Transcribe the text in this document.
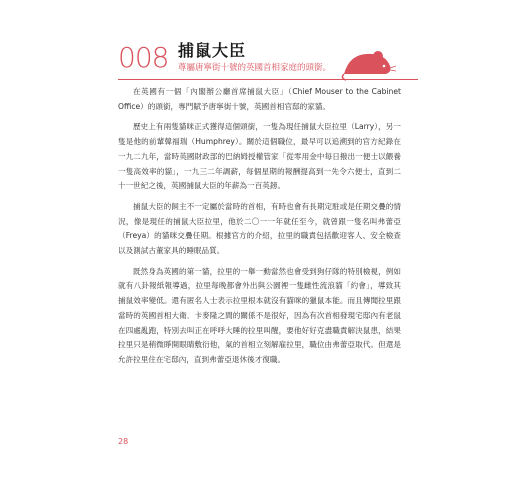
008 捕鼠大臣
尊屬唐寧街十號的英國首相家庭的頭銜。

在英國有一個「內閣辦公廳首席捕鼠大臣」（Chief Mouser to the Cabinet Office）的頭銜，專門賦予唐寧街十號，英國首相官邸的家貓。

歷史上有兩隻貓咪正式獲得這個頭銜，一隻為現任捕鼠大臣拉里（Larry），另一隻是他的前輩韓福瑞（Humphrey）。關於這個職位，最早可以追溯到的官方紀錄在一九二九年，當時英國財政部的巴納姆授權管家「從零用金中每日撥出一便士以餵養一隻高效率的貓」，一九三二年調薪，每個星期的報酬提高到一先令六便士，直到二十一世紀之後，英國捕鼠大臣的年薪為一百英鎊。

捕鼠大臣的飼主不一定屬於當時的首相，有時也會有長期定駐或是任期交疊的情況，像是現任的捕鼠大臣拉里，他於二〇一一年就任至今，就曾跟一隻名叫弗蕾亞（Freya）的貓咪交疊任期。根據官方的介紹，拉里的職責包括歡迎客人、安全檢查以及測試古董家具的睡眠品質。

既然身為英國的第一貓，拉里的一舉一動當然也會受到狗仔隊的特別檢視，例如就有八卦報紙報導過，拉里每晚都會外出與公園裡一隻雌性流浪貓「約會」，導致其捕鼠效率變低。還有匿名人士表示拉里根本就沒有貓咪的獵鼠本能。而且傳聞拉里跟當時的英國首相大衛．卡麥隆之間的關係不是很好，因為有次首相發現宅邸內有老鼠在四處亂跑，特別去叫正在呼呼大睡的拉里叫醒，要他好好克盡職責解決鼠患，結果拉里只是稍微睜開眼睛敷衍他，氣的首相立刻解雇拉里，職位由弗蕾亞取代。但還是允許拉里住在宅邸內，直到弗蕾亞退休後才復職。

28
